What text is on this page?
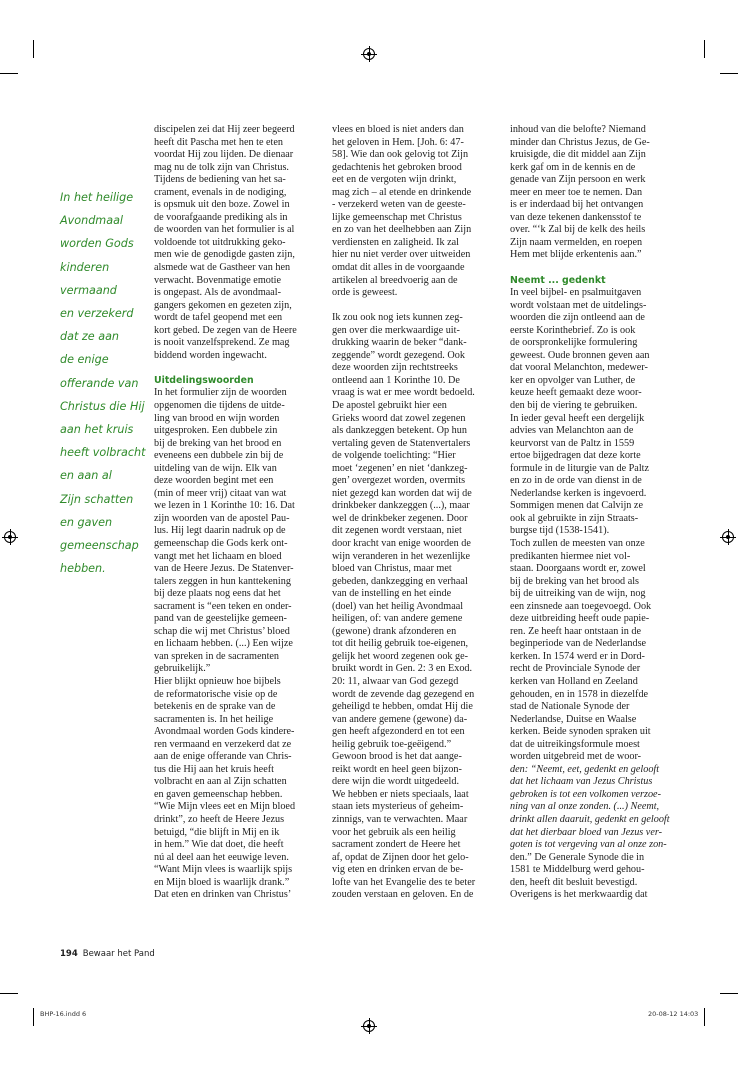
In het heilige
Avondmaal
worden Gods
kinderen
vermaand
en verzekerd
dat ze aan
de enige
offerande van
Christus die Hij
aan het kruis
heeft volbracht
en aan al
Zijn schatten
en gaven
gemeenschap
hebben.
discipelen zei dat Hij zeer begeerd
heeft dit Pascha met hen te eten
voordat Hij zou lijden. De dienaar
mag nu de tolk zijn van Christus.
Tijdens de bediening van het sa-
crament, evenals in de nodiging,
is opsmuk uit den boze. Zowel in
de voorafgaande prediking als in
de woorden van het formulier is al
voldoende tot uitdrukking geko-
men wie de genodigde gasten zijn,
alsmede wat de Gastheer van hen
verwacht. Bovenmatige emotie
is ongepast. Als de avondmaal-
gangers gekomen en gezeten zijn,
wordt de tafel geopend met een
kort gebed. De zegen van de Heere
is nooit vanzelfsprekend. Ze mag
biddend worden ingewacht.
Uitdelingswoorden
In het formulier zijn de woorden
opgenomen die tijdens de uitde-
ling van brood en wijn worden
uitgesproken. Een dubbele zin
bij de breking van het brood en
eveneens een dubbele zin bij de
uitdeling van de wijn. Elk van
deze woorden begint met een
(min of meer vrij) citaat van wat
we lezen in 1 Korinthe 10: 16. Dat
zijn woorden van de apostel Pau-
lus. Hij legt daarin nadruk op de
gemeenschap die Gods kerk ont-
vangt met het lichaam en bloed
van de Heere Jezus. De Statenver-
talers zeggen in hun kanttekening
bij deze plaats nog eens dat het
sacrament is “een teken en onder-
pand van de geestelijke gemeen-
schap die wij met Christus’ bloed
en lichaam hebben. (...) Een wijze
van spreken in de sacramenten
gebruikelijk.”
Hier blijkt opnieuw hoe bijbels
de reformatorische visie op de
betekenis en de sprake van de
sacramenten is. In het heilige
Avondmaal worden Gods kindere-
ren vermaand en verzekerd dat ze
aan de enige offerande van Chris-
tus die Hij aan het kruis heeft
volbracht en aan al Zijn schatten
en gaven gemeenschap hebben.
“Wie Mijn vlees eet en Mijn bloed
drinkt”, zo heeft de Heere Jezus
betuigd, “die blijft in Mij en ik
in hem.” Wie dat doet, die heeft
nú al deel aan het eeuwige leven.
“Want Mijn vlees is waarlijk spijs
en Mijn bloed is waarlijk drank.”
Dat eten en drinken van Christus’
vlees en bloed is niet anders dan
het geloven in Hem. [Joh. 6: 47-
58]. Wie dan ook gelovig tot Zijn
gedachtenis het gebroken brood
eet en de vergoten wijn drinkt,
mag zich – al etende en drinkende
- verzekerd weten van de geeste-
lijke gemeenschap met Christus
en zo van het deelhebben aan Zijn
verdiensten en zaligheid. Ik zal
hier nu niet verder over uitweiden
omdat dit alles in de voorgaande
artikelen al breedvoerig aan de
orde is geweest.
Ik zou ook nog iets kunnen zeg-
gen over die merkwaardige uit-
drukking waarin de beker “dank-
zeggende” wordt gezegend. Ook
deze woorden zijn rechtstreeks
ontleend aan 1 Korinthe 10. De
vraag is wat er mee wordt bedoeld.
De apostel gebruikt hier een
Grieks woord dat zowel zegenen
als dankzeggen betekent. Op hun
vertaling geven de Statenvertalers
de volgende toelichting: “Hier
moet ‘zegenen’ en niet ‘dankzeg-
gen’ overgezet worden, overmits
niet gezegd kan worden dat wij de
drinkbeker dankzeggen (...), maar
wel de drinkbeker zegenen. Door
dit zegenen wordt verstaan, niet
door kracht van enige woorden de
wijn veranderen in het wezenlijke
bloed van Christus, maar met
gebeden, dankzegging en verhaal
van de instelling en het einde
(doel) van het heilig Avondmaal
heiligen, of: van andere gemene
(gewone) drank afzonderen en
tot dit heilig gebruik toe-eigenen,
gelijk het woord zegenen ook ge-
bruikt wordt in Gen. 2: 3 en Exod.
20: 11, alwaar van God gezegd
wordt de zevende dag gezegend en
geheiligd te hebben, omdat Hij die
van andere gemene (gewone) da-
gen heeft afgezonderd en tot een
heilig gebruik toe-geëigend.”
Gewoon brood is het dat aange-
reikt wordt en heel geen bijzon-
dere wijn die wordt uitgedeeld.
We hebben er niets speciaals, laat
staan iets mysterieus of geheim-
zinnigs, van te verwachten. Maar
voor het gebruik als een heilig
sacrament zondert de Heere het
af, opdat de Zijnen door het gelo-
vig eten en drinken ervan de be-
lofte van het Evangelie des te beter
zouden verstaan en geloven. En de
inhoud van die belofte? Niemand
minder dan Christus Jezus, de Ge-
kruisigde, die dit middel aan Zijn
kerk gaf om in de kennis en de
genade van Zijn persoon en werk
meer en meer toe te nemen. Dan
is er inderdaad bij het ontvangen
van deze tekenen dankensstof te
over. “‘k Zal bij de kelk des heils
Zijn naam vermelden, en roepen
Hem met blijde erkentenis aan.”
Neemt ... gedenkt
In veel bijbel- en psalmuitgaven
wordt volstaan met de uitdelings-
woorden die zijn ontleend aan de
eerste Korinthebrief. Zo is ook
de oorspronkelijke formulering
geweest. Oude bronnen geven aan
dat vooral Melanchton, medewer-
ker en opvolger van Luther, de
keuze heeft gemaakt deze woor-
den bij de viering te gebruiken.
In ieder geval heeft een dergelijk
advies van Melanchton aan de
keurvorst van de Paltz in 1559
ertoe bijgedragen dat deze korte
formule in de liturgie van de Paltz
en zo in de orde van dienst in de
Nederlandse kerken is ingevoerd.
Sommigen menen dat Calvijn ze
ook al gebruikte in zijn Straats-
burgse tijd (1538-1541).
Toch zullen de meesten van onze
predikanten hiermee niet vol-
staan. Doorgaans wordt er, zowel
bij de breking van het brood als
bij de uitreiking van de wijn, nog
een zinsnede aan toegevoegd. Ook
deze uitbreiding heeft oude papie-
ren. Ze heeft haar ontstaan in de
beginperiode van de Nederlandse
kerken. In 1574 werd er in Dord-
recht de Provinciale Synode der
kerken van Holland en Zeeland
gehouden, en in 1578 in diezelfde
stad de Nationale Synode der
Nederlandse, Duitse en Waalse
kerken. Beide synoden spraken uit
dat de uitreikingsformule moest
worden uitgebreid met de woor-
den: “Neemt, eet, gedenkt en gelooft
dat het lichaam van Jezus Christus
gebroken is tot een volkomen verzoe-
ning van al onze zonden. (...) Neemt,
drinkt allen daaruit, gedenkt en gelooft
dat het dierbaar bloed van Jezus ver-
goten is tot vergeving van al onze zon-
den.” De Generale Synode die in
1581 te Middelburg werd gehou-
den, heeft dit besluit bevestigd.
Overigens is het merkwaardig dat
194 Bewaar het Pand
BHP-16.indd 6	20-08-12 14:03
